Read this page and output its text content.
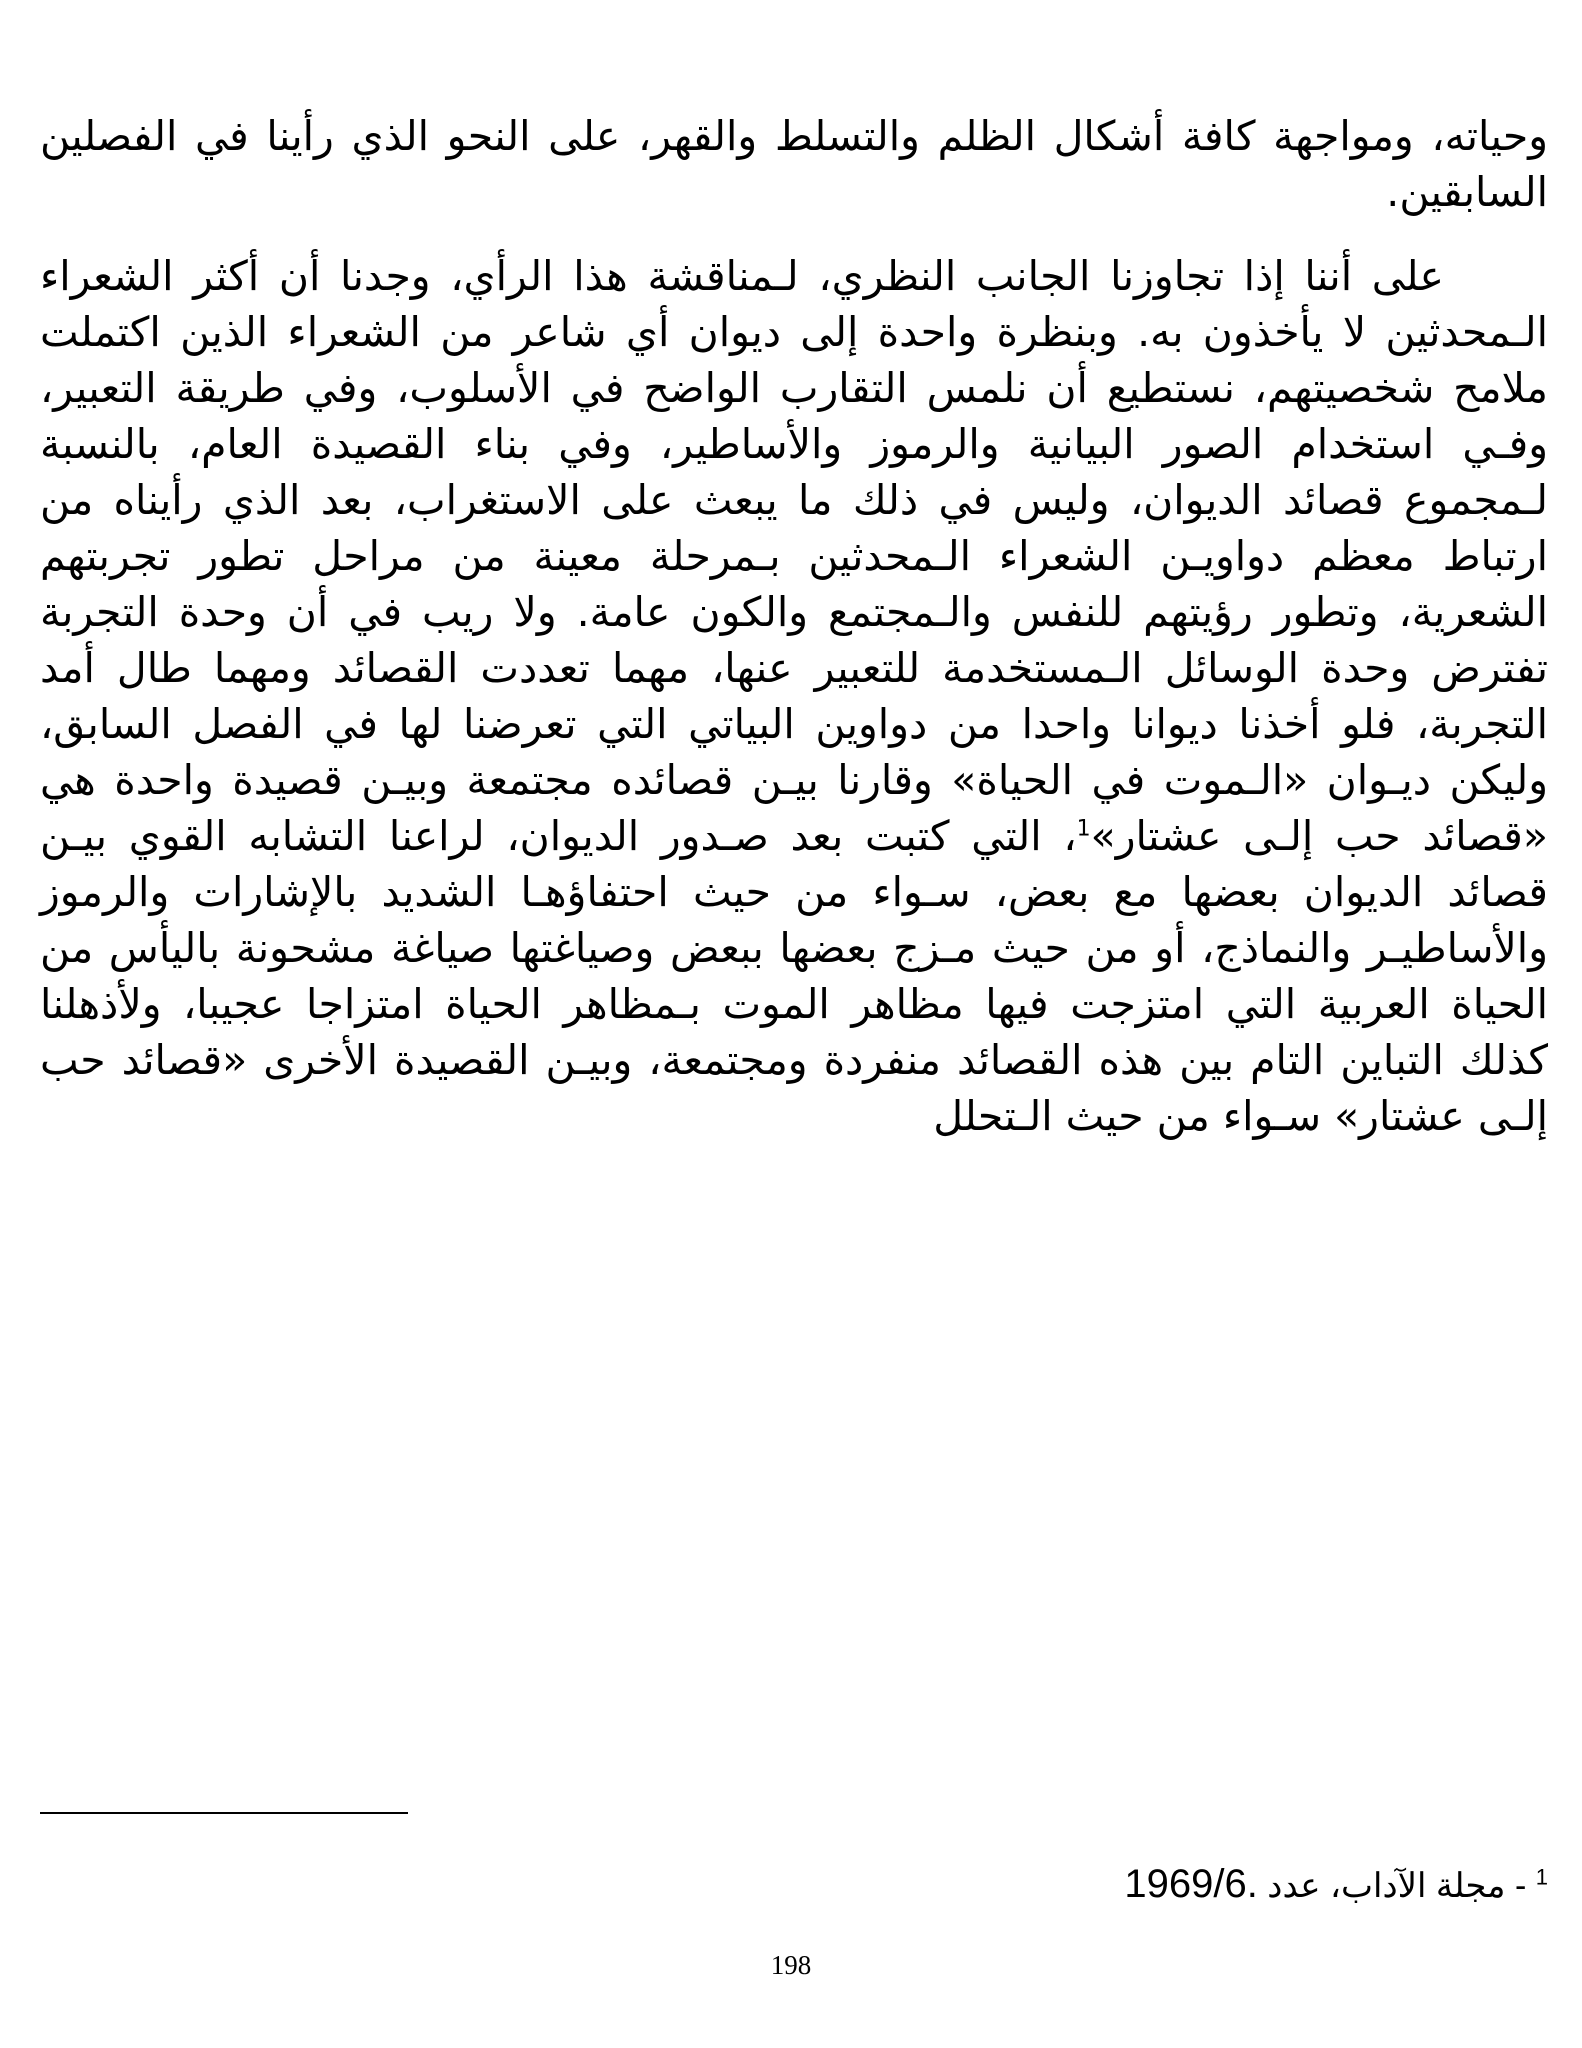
وحياته، ومواجهة كافة أشكال الظلم والتسلط والقهر، على النحو الذي رأينا في الفصلين السابقين.

على أننا إذا تجاوزنا الجانب النظري، لـمناقشة هذا الرأي، وجدنا أن أكثر الشعراء الـمحدثين لا يأخذون به. وبنظرة واحدة إلى ديوان أي شاعر من الشعراء الذين اكتملت ملامح شخصيتهم، نستطيع أن نلمس التقارب الواضح في الأسلوب، وفي طريقة التعبير، وفـي استخدام الصور البيانية والرموز والأساطير، وفي بناء القصيدة العام، بالنسبة لـمجموع قصائد الديوان، وليس في ذلك ما يبعث على الاستغراب، بعد الذي رأيناه من ارتباط معظم دواويـن الشعراء الـمحدثين بـمرحلة معينة من مراحل تطور تجربتهم الشعرية، وتطور رؤيتهم للنفس والـمجتمع والكون عامة. ولا ريب في أن وحدة التجربة تفترض وحدة الوسائل الـمستخدمة للتعبير عنها، مهما تعددت القصائد ومهما طال أمد التجربة، فلو أخذنا ديوانا واحدا من دواوين البياتي التي تعرضنا لها في الفصل السابق، وليكن ديـوان «الـموت في الحياة» وقارنا بيـن قصائده مجتمعة وبيـن قصيدة واحدة هي «قصائد حب إلـى عشتار»$^1$، التي كتبت بعد صـدور الديوان، لراعنا التشابه القوي بيـن قصائد الديوان بعضها مع بعض، سـواء من حيث احتفاؤهـا الشديد بالإشارات والرموز والأساطيـر والنماذج، أو من حيث مـزج بعضها ببعض وصياغتها صياغة مشحونة باليأس من الحياة العربية التي امتزجت فيها مظاهر الموت بـمظاهر الحياة امتزاجا عجيبا، ولأذهلنا كذلك التباين التام بين هذه القصائد منفردة ومجتمعة، وبيـن القصيدة الأخرى «قصائد حب إلـى عشتار» سـواء من حيث الـتحلل

$^1$ - مجلة الآداب، عدد 1969/6.
198
